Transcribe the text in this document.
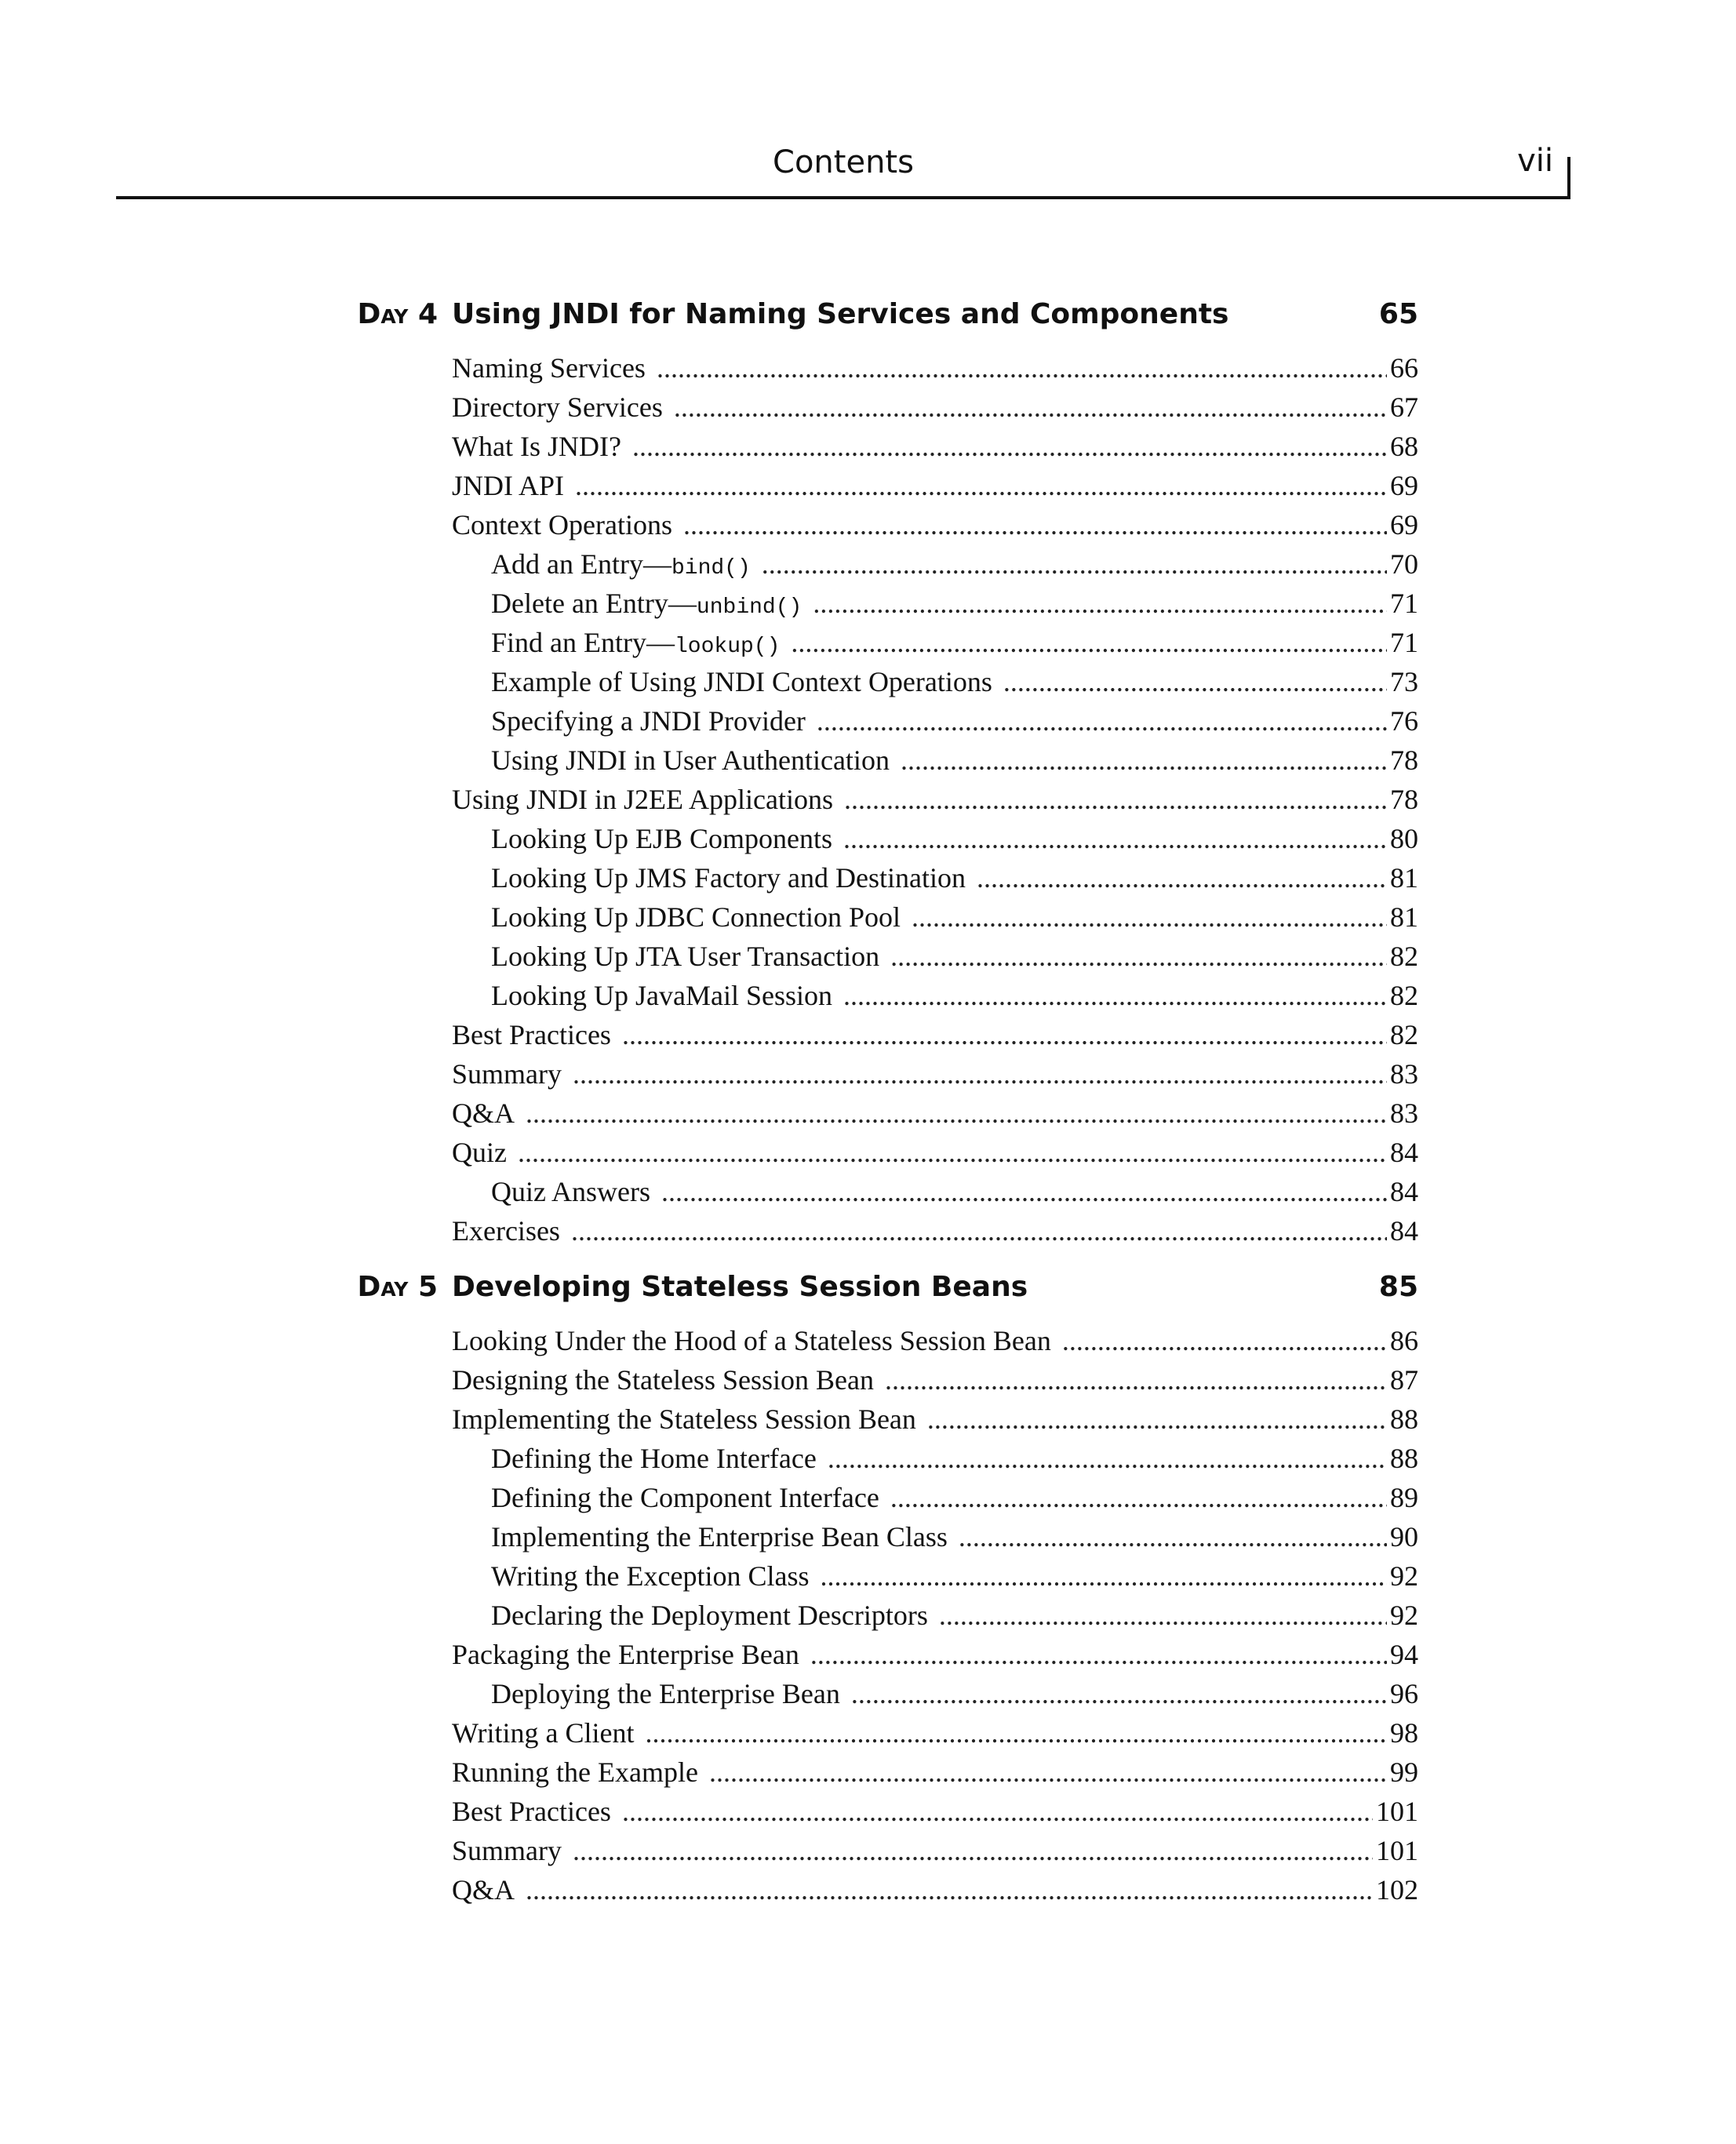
Contents	vii
Day 4 Using JNDI for Naming Services and Components	65
Naming Services .....	66
Directory Services .....	67
What Is JNDI? .....	68
JNDI API .....	69
Context Operations .....	69
Add an Entry—bind() .....	70
Delete an Entry—unbind() .....	71
Find an Entry—lookup() .....	71
Example of Using JNDI Context Operations .....	73
Specifying a JNDI Provider .....	76
Using JNDI in User Authentication .....	78
Using JNDI in J2EE Applications .....	78
Looking Up EJB Components .....	80
Looking Up JMS Factory and Destination .....	81
Looking Up JDBC Connection Pool .....	81
Looking Up JTA User Transaction .....	82
Looking Up JavaMail Session .....	82
Best Practices .....	82
Summary .....	83
Q&A .....	83
Quiz .....	84
Quiz Answers .....	84
Exercises .....	84
Day 5 Developing Stateless Session Beans	85
Looking Under the Hood of a Stateless Session Bean .....	86
Designing the Stateless Session Bean .....	87
Implementing the Stateless Session Bean .....	88
Defining the Home Interface .....	88
Defining the Component Interface .....	89
Implementing the Enterprise Bean Class .....	90
Writing the Exception Class .....	92
Declaring the Deployment Descriptors .....	92
Packaging the Enterprise Bean .....	94
Deploying the Enterprise Bean .....	96
Writing a Client .....	98
Running the Example .....	99
Best Practices .....	101
Summary .....	101
Q&A .....	102
